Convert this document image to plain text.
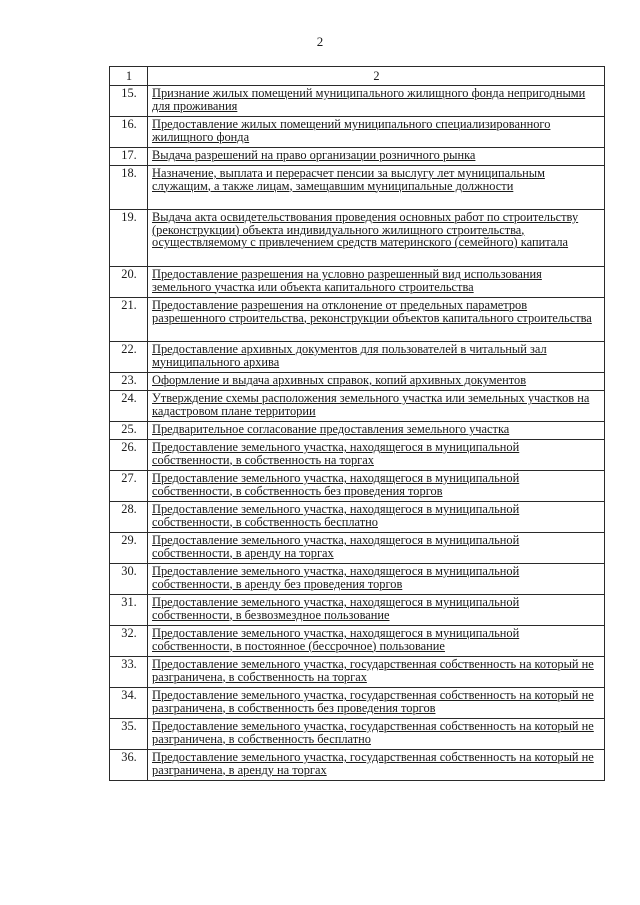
2
1	2
15.	Признание жилых помещений муниципального жилищного фонда непригодными для проживания
16.	Предоставление жилых помещений муниципального специализированного жилищного фонда
17.	Выдача разрешений на право организации розничного рынка
18.	Назначение, выплата и перерасчет пенсии за выслугу лет муниципальным служащим, а также лицам, замещавшим муниципальные должности
19.	Выдача акта освидетельствования проведения основных работ по строительству (реконструкции) объекта индивидуального жилищного строительства, осуществляемому с привлечением средств материнского (семейного) капитала
20.	Предоставление разрешения на условно разрешенный вид использования земельного участка или объекта капитального строительства
21.	Предоставление разрешения на отклонение от предельных параметров разрешенного строительства, реконструкции объектов капитального строительства
22.	Предоставление архивных документов для пользователей в читальный зал муниципального архива
23.	Оформление и выдача архивных справок, копий архивных документов
24.	Утверждение схемы расположения земельного участка или земельных участков на кадастровом плане территории
25.	Предварительное согласование предоставления земельного участка
26.	Предоставление земельного участка, находящегося в муниципальной собственности, в собственность на торгах
27.	Предоставление земельного участка, находящегося в муниципальной собственности, в собственность без проведения торгов
28.	Предоставление земельного участка, находящегося в муниципальной собственности, в собственность бесплатно
29.	Предоставление земельного участка, находящегося в муниципальной собственности, в аренду на торгах
30.	Предоставление земельного участка, находящегося в муниципальной собственности, в аренду без проведения торгов
31.	Предоставление земельного участка, находящегося в муниципальной собственности, в безвозмездное пользование
32.	Предоставление земельного участка, находящегося в муниципальной собственности, в постоянное (бессрочное) пользование
33.	Предоставление земельного участка, государственная собственность на который не разграничена, в собственность на торгах
34.	Предоставление земельного участка, государственная собственность на который не разграничена, в собственность без проведения торгов
35.	Предоставление земельного участка, государственная собственность на который не разграничена, в собственность бесплатно
36.	Предоставление земельного участка, государственная собственность на который не разграничена, в аренду на торгах
